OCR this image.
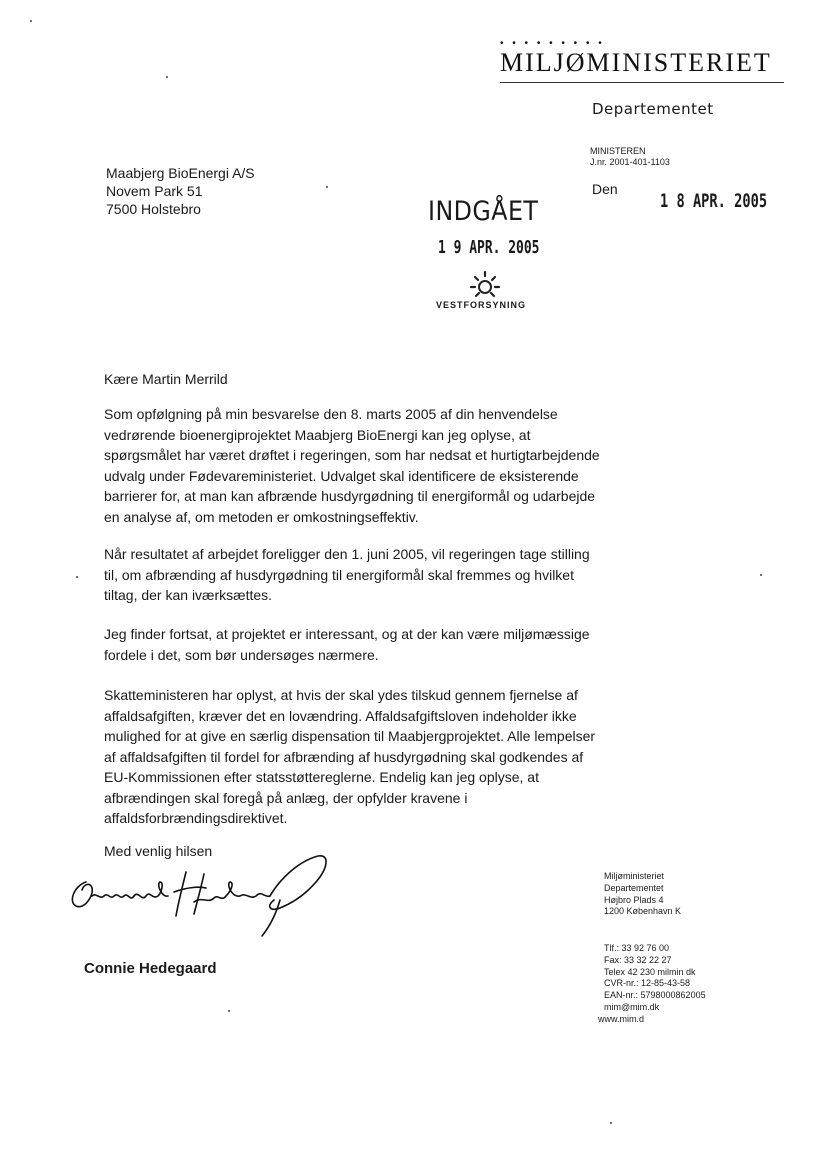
• • • • • • • • •
MILJØMINISTERIET
Departementet
MINISTEREN
J.nr. 2001-401-1103
Den
1 8 APR. 2005
Maabjerg BioEnergi A/S
Novem Park 51
7500 Holstebro	INDGÅET
1 9 APR. 2005
VESTFORSYNING
Kære Martin Merrild

Som opfølgning på min besvarelse den 8. marts 2005 af din henvendelse vedrørende bioenergiprojektet Maabjerg BioEnergi kan jeg oplyse, at spørgsmålet har været drøftet i regeringen, som har nedsat et hurtigtarbejdende udvalg under Fødevareministeriet. Udvalget skal identificere de eksisterende barrierer for, at man kan afbrænde husdyrgødning til energiformål og udarbejde en analyse af, om metoden er omkostningseffektiv.

Når resultatet af arbejdet foreligger den 1. juni 2005, vil regeringen tage stilling til, om afbrænding af husdyrgødning til energiformål skal fremmes og hvilket tiltag, der kan iværksættes.

Jeg finder fortsat, at projektet er interessant, og at der kan være miljømæssige fordele i det, som bør undersøges nærmere.

Skatteministeren har oplyst, at hvis der skal ydes tilskud gennem fjernelse af affaldsafgiften, kræver det en lovændring. Affaldsafgiftsloven indeholder ikke mulighed for at give en særlig dispensation til Maabjergprojektet. Alle lempelser af affaldsafgiften til fordel for afbrænding af husdyrgødning skal godkendes af EU-Kommissionen efter statsstøttereglerne. Endelig kan jeg oplyse, at afbrændingen skal foregå på anlæg, der opfylder kravene i affaldsforbrændingsdirektivet.

Med venlig hilsen
Connie Hedegaard
Miljøministeriet
Departementet
Højbro Plads 4
1200 København K
Tlf.: 33 92 76 00
Fax: 33 32 22 27
Telex 42 230 milmin dk
CVR-nr.: 12-85-43-58
EAN-nr.: 5798000862005
mim@mim.dk
www.mim.d
